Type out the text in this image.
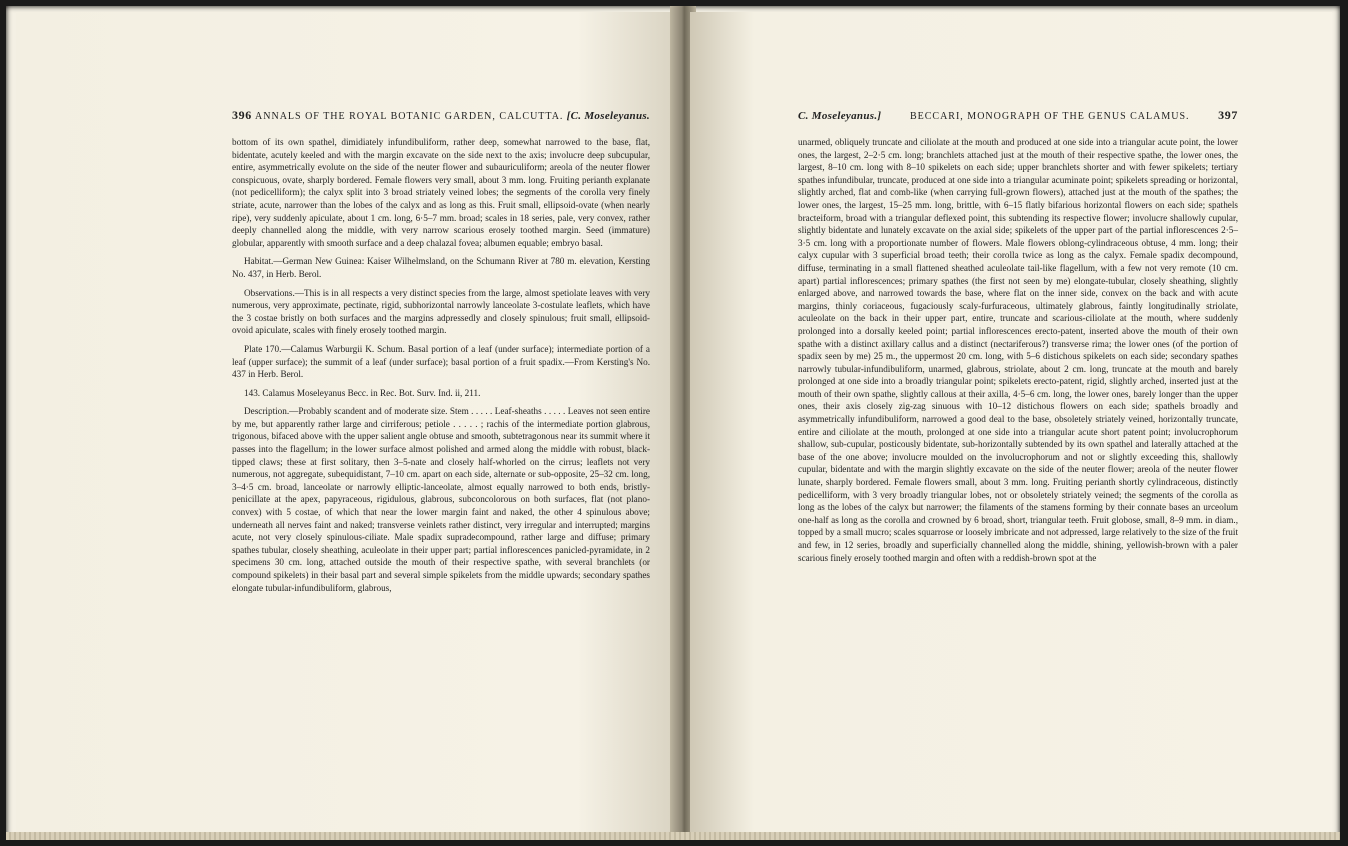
396 ANNALS OF THE ROYAL BOTANIC GARDEN, CALCUTTA. [C. Moseleyanus.

bottom of its own spathel, dimidiately infundibuliform, rather deep, somewhat narrowed to the base, flat, bidentate, acutely keeled and with the margin excavate on the side next to the axis; involucre deep subcupular, entire, asymmetrically evolute on the side of the neuter flower and subauriculiform; areola of the neuter flower conspicuous, ovate, sharply bordered. Female flowers very small, about 3 mm. long. Fruiting perianth explanate (not pedicelliform); the calyx split into 3 broad striately veined lobes; the segments of the corolla very finely striate, acute, narrower than the lobes of the calyx and as long as this. Fruit small, ellipsoid-ovate (when nearly ripe), very suddenly apiculate, about 1 cm. long, 6·5–7 mm. broad; scales in 18 series, pale, very convex, rather deeply channelled along the middle, with very narrow scarious erosely toothed margin. Seed (immature) globular, apparently with smooth surface and a deep chalazal fovea; albumen equable; embryo basal.

Habitat.—German New Guinea: Kaiser Wilhelmsland, on the Schumann River at 780 m. elevation, Kersting No. 437, in Herb. Berol.

Observations.—This is in all respects a very distinct species from the large, almost spetiolate leaves with very numerous, very approximate, pectinate, rigid, subhorizontal narrowly lanceolate 3-costulate leaflets, which have the 3 costae bristly on both surfaces and the margins adpressedly and closely spinulous; fruit small, ellipsoid-ovoid apiculate, scales with finely erosely toothed margin.

Plate 170.—Calamus Warburgii K. Schum. Basal portion of a leaf (under surface); intermediate portion of a leaf (upper surface); the summit of a leaf (under surface); basal portion of a fruit spadix.—From Kersting's No. 437 in Herb. Berol.

143. Calamus Moseleyanus Becc. in Rec. Bot. Surv. Ind. ii, 211.

Description.—Probably scandent and of moderate size. Stem . . . . . Leaf-sheaths . . . . . Leaves not seen entire by me, but apparently rather large and cirriferous; petiole . . . . . ; rachis of the intermediate portion glabrous, trigonous, bifaced above with the upper salient angle obtuse and smooth, subtetragonous near its summit where it passes into the flagellum; in the lower surface almost polished and armed along the middle with robust, black-tipped claws; these at first solitary, then 3–5-nate and closely half-whorled on the cirrus; leaflets not very numerous, not aggregate, subequidistant, 7–10 cm. apart on each side, alternate or sub-opposite, 25–32 cm. long, 3–4·5 cm. broad, lanceolate or narrowly elliptic-lanceolate, almost equally narrowed to both ends, bristly-penicillate at the apex, papyraceous, rigidulous, glabrous, subconcolorous on both surfaces, flat (not plano-convex) with 5 costae, of which that near the lower margin faint and naked, the other 4 spinulous above; underneath all nerves faint and naked; transverse veinlets rather distinct, very irregular and interrupted; margins acute, not very closely spinulous-ciliate. Male spadix supradecompound, rather large and diffuse; primary spathes tubular, closely sheathing, aculeolate in their upper part; partial inflorescences panicled-pyramidate, in 2 specimens 30 cm. long, attached outside the mouth of their respective spathe, with several branchlets (or compound spikelets) in their basal part and several simple spikelets from the middle upwards; secondary spathes elongate tubular-infundibuliform, glabrous,

C. Moseleyanus.]	BECCARI, MONOGRAPH OF THE GENUS CALAMUS. 397

unarmed, obliquely truncate and ciliolate at the mouth and produced at one side into a triangular acute point, the lower ones, the largest, 2–2·5 cm. long; branchlets attached just at the mouth of their respective spathe, the lower ones, the largest, 8–10 cm. long with 8–10 spikelets on each side; upper branchlets shorter and with fewer spikelets; tertiary spathes infundibular, truncate, produced at one side into a triangular acuminate point; spikelets spreading or horizontal, slightly arched, flat and comb-like (when carrying full-grown flowers), attached just at the mouth of the spathes; the lower ones, the largest, 15–25 mm. long, brittle, with 6–15 flatly bifarious horizontal flowers on each side; spathels bracteiform, broad with a triangular deflexed point, this subtending its respective flower; involucre shallowly cupular, slightly bidentate and lunately excavate on the axial side; spikelets of the upper part of the partial inflorescences 2·5–3·5 cm. long with a proportionate number of flowers. Male flowers oblong-cylindraceous obtuse, 4 mm. long; their calyx cupular with 3 superficial broad teeth; their corolla twice as long as the calyx. Female spadix decompound, diffuse, terminating in a small flattened sheathed aculeolate tail-like flagellum, with a few not very remote (10 cm. apart) partial inflorescences; primary spathes (the first not seen by me) elongate-tubular, closely sheathing, slightly enlarged above, and narrowed towards the base, where flat on the inner side, convex on the back and with acute margins, thinly coriaceous, fugaciously scaly-furfuraceous, ultimately glabrous, faintly longitudinally striolate, aculeolate on the back in their upper part, entire, truncate and scarious-ciliolate at the mouth, where suddenly prolonged into a dorsally keeled point; partial inflorescences erecto-patent, inserted above the mouth of their own spathe with a distinct axillary callus and a distinct (nectariferous?) transverse rima; the lower ones (of the portion of spadix seen by me) 25 m., the uppermost 20 cm. long, with 5–6 distichous spikelets on each side; secondary spathes narrowly tubular-infundibuliform, unarmed, glabrous, striolate, about 2 cm. long, truncate at the mouth and barely prolonged at one side into a broadly triangular point; spikelets erecto-patent, rigid, slightly arched, inserted just at the mouth of their own spathe, slightly callous at their axilla, 4·5–6 cm. long, the lower ones, barely longer than the upper ones, their axis closely zig-zag sinuous with 10–12 distichous flowers on each side; spathels broadly and asymmetrically infundibuliform, narrowed a good deal to the base, obsoletely striately veined, horizontally truncate, entire and ciliolate at the mouth, prolonged at one side into a triangular acute short patent point; involucrophorum shallow, sub-cupular, posticously bidentate, sub-horizontally subtended by its own spathel and laterally attached at the base of the one above; involucre moulded on the involucrophorum and not or slightly exceeding this, shallowly cupular, bidentate and with the margin slightly excavate on the side of the neuter flower; areola of the neuter flower lunate, sharply bordered. Female flowers small, about 3 mm. long. Fruiting perianth shortly cylindraceous, distinctly pedicelliform, with 3 very broadly triangular lobes, not or obsoletely striately veined; the segments of the corolla as long as the lobes of the calyx but narrower; the filaments of the stamens forming by their connate bases an urceolum one-half as long as the corolla and crowned by 6 broad, short, triangular teeth. Fruit globose, small, 8–9 mm. in diam., topped by a small mucro; scales squarrose or loosely imbricate and not adpressed, large relatively to the size of the fruit and few, in 12 series, broadly and superficially channelled along the middle, shining, yellowish-brown with a paler scarious finely erosely toothed margin and often with a reddish-brown spot at the
